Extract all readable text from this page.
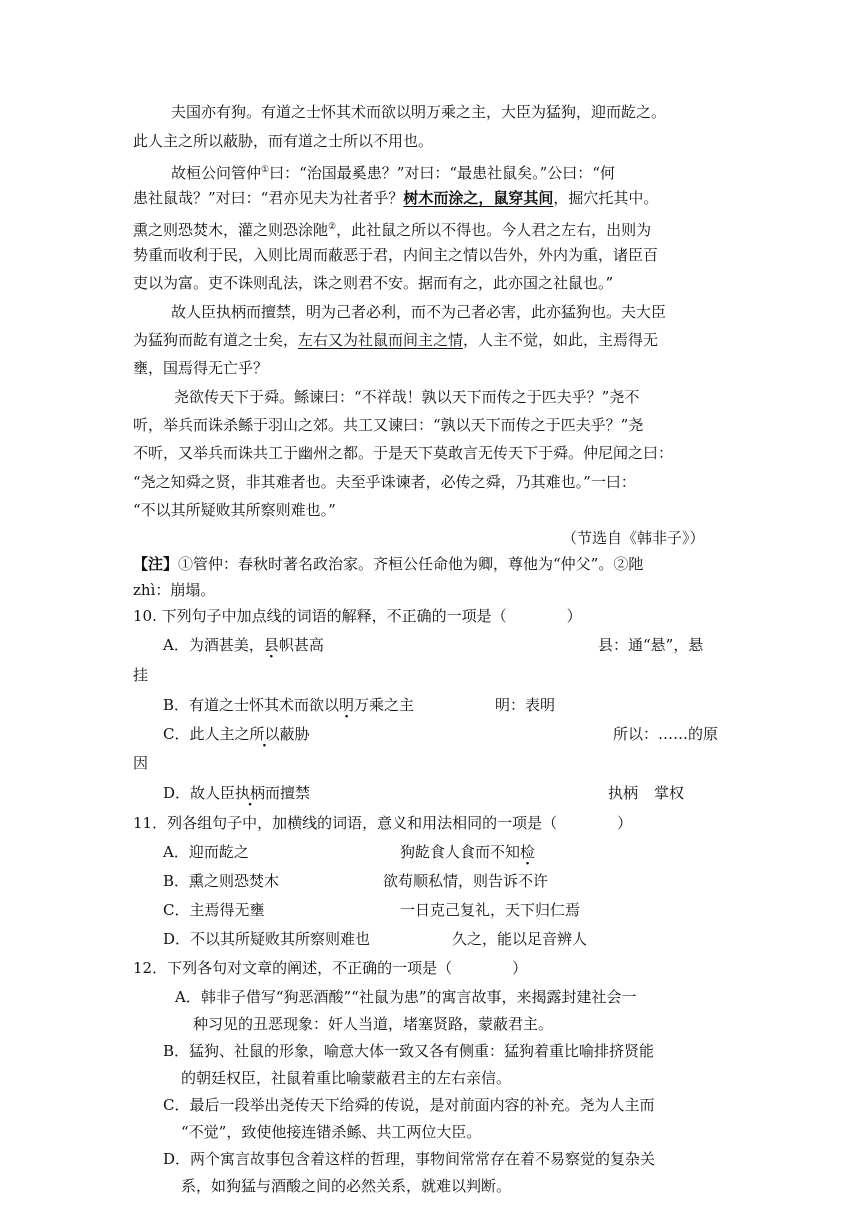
夫国亦有狗。有道之士怀其术而欲以明万乘之主，大臣为猛狗，迎而龁之。
此人主之所以蔽胁，而有道之士所以不用也。
故桓公问管仲①曰：“治国最奚患？”对曰：“最患社鼠矣。”公曰：“何
患社鼠哉？”对曰：“君亦见夫为社者乎？树木而涂之，鼠穿其间，掘穴托其中。
熏之则恐焚木，灌之则恐涂阤②，此社鼠之所以不得也。今人君之左右，出则为
势重而收利于民，入则比周而蔽恶于君，内间主之情以告外，外内为重，诸臣百
吏以为富。吏不诛则乱法，诛之则君不安。据而有之，此亦国之社鼠也。”
故人臣执柄而擅禁，明为己者必利，而不为己者必害，此亦猛狗也。夫大臣
为猛狗而龁有道之士矣，左右又为社鼠而间主之情，人主不觉，如此，主焉得无
壅，国焉得无亡乎？
尧欲传天下于舜。鲧谏曰：“不祥哉！孰以天下而传之于匹夫乎？”尧不
听，举兵而诛杀鲧于羽山之郊。共工又谏曰：“孰以天下而传之于匹夫乎？”尧
不听，又举兵而诛共工于幽州之都。于是天下莫敢言无传天下于舜。仲尼闻之曰：
“尧之知舜之贤，非其难者也。夫至乎诛谏者，必传之舜，乃其难也。”一曰：
“不以其所疑败其所察则难也。”
（节选自《韩非子》）
【注】①管仲：春秋时著名政治家。齐桓公任命他为卿，尊他为“仲父”。②阤
zhì：崩塌。
10. 下列句子中加点线的词语的解释，不正确的一项是（　　　　）
A．为酒甚美，县帜甚高	县：通“悬”，悬
挂
B．有道之士怀其术而欲以明万乘之主	明：表明
C．此人主之所以蔽胁	所以：……的原
因
D．故人臣执柄而擅禁	执柄 掌权
11．列各组句子中，加横线的词语，意义和用法相同的一项是（　　　　）
A．迎而龁之	狗龁食人食而不知检
B．熏之则恐焚木	欲苟顺私情，则告诉不许
C．主焉得无壅	一日克己复礼，天下归仁焉
D．不以其所疑败其所察则难也	久之，能以足音辨人
12．下列各句对文章的阐述，不正确的一项是（　　　　）
A．韩非子借写“狗恶酒酸”“社鼠为患”的寓言故事，来揭露封建社会一
种习见的丑恶现象：奸人当道，堵塞贤路，蒙蔽君主。
B．猛狗、社鼠的形象，喻意大体一致又各有侧重：猛狗着重比喻排挤贤能
的朝廷权臣，社鼠着重比喻蒙蔽君主的左右亲信。
C．最后一段举出尧传天下给舜的传说，是对前面内容的补充。尧为人主而
“不觉”，致使他接连错杀鲧、共工两位大臣。
D．两个寓言故事包含着这样的哲理，事物间常常存在着不易察觉的复杂关
系，如狗猛与酒酸之间的必然关系，就难以判断。
